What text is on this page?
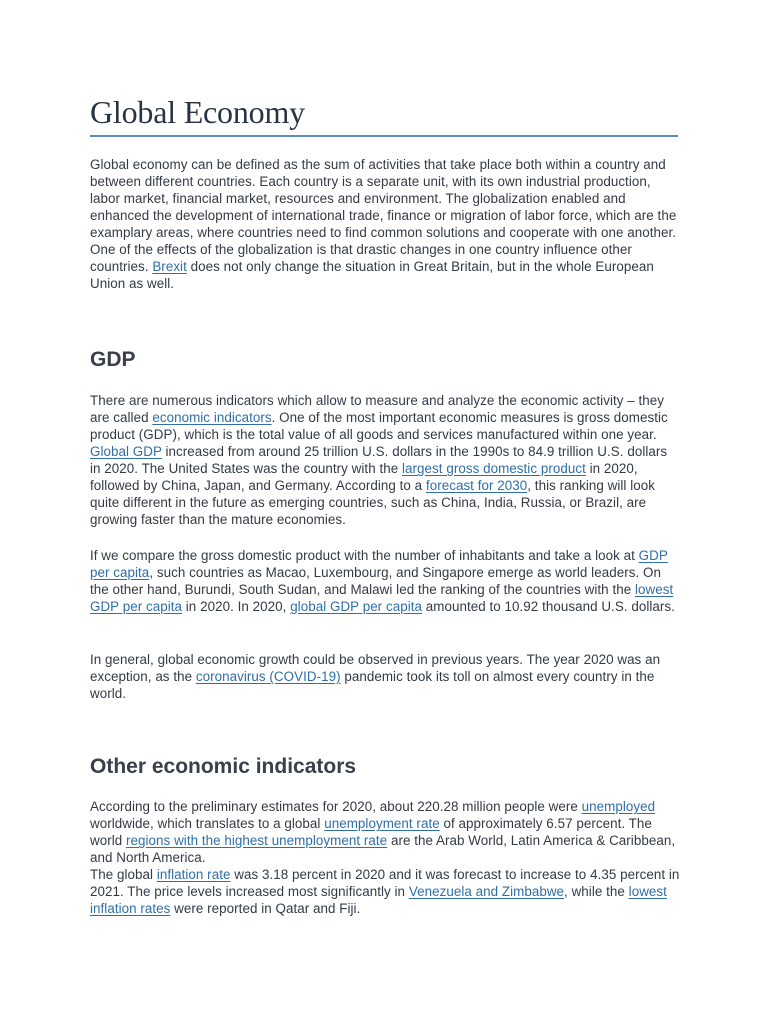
Global Economy

Global economy can be defined as the sum of activities that take place both within a country and between different countries. Each country is a separate unit, with its own industrial production, labor market, financial market, resources and environment. The globalization enabled and enhanced the development of international trade, finance or migration of labor force, which are the examplary areas, where countries need to find common solutions and cooperate with one another. One of the effects of the globalization is that drastic changes in one country influence other countries. Brexit does not only change the situation in Great Britain, but in the whole European Union as well.

GDP

There are numerous indicators which allow to measure and analyze the economic activity – they are called economic indicators. One of the most important economic measures is gross domestic product (GDP), which is the total value of all goods and services manufactured within one year. Global GDP increased from around 25 trillion U.S. dollars in the 1990s to 84.9 trillion U.S. dollars in 2020. The United States was the country with the largest gross domestic product in 2020, followed by China, Japan, and Germany. According to a forecast for 2030, this ranking will look quite different in the future as emerging countries, such as China, India, Russia, or Brazil, are growing faster than the mature economies.

If we compare the gross domestic product with the number of inhabitants and take a look at GDP per capita, such countries as Macao, Luxembourg, and Singapore emerge as world leaders. On the other hand, Burundi, South Sudan, and Malawi led the ranking of the countries with the lowest GDP per capita in 2020. In 2020, global GDP per capita amounted to 10.92 thousand U.S. dollars.

In general, global economic growth could be observed in previous years. The year 2020 was an exception, as the coronavirus (COVID-19) pandemic took its toll on almost every country in the world.

Other economic indicators

According to the preliminary estimates for 2020, about 220.28 million people were unemployed worldwide, which translates to a global unemployment rate of approximately 6.57 percent. The world regions with the highest unemployment rate are the Arab World, Latin America & Caribbean, and North America.
The global inflation rate was 3.18 percent in 2020 and it was forecast to increase to 4.35 percent in 2021. The price levels increased most significantly in Venezuela and Zimbabwe, while the lowest inflation rates were reported in Qatar and Fiji.
